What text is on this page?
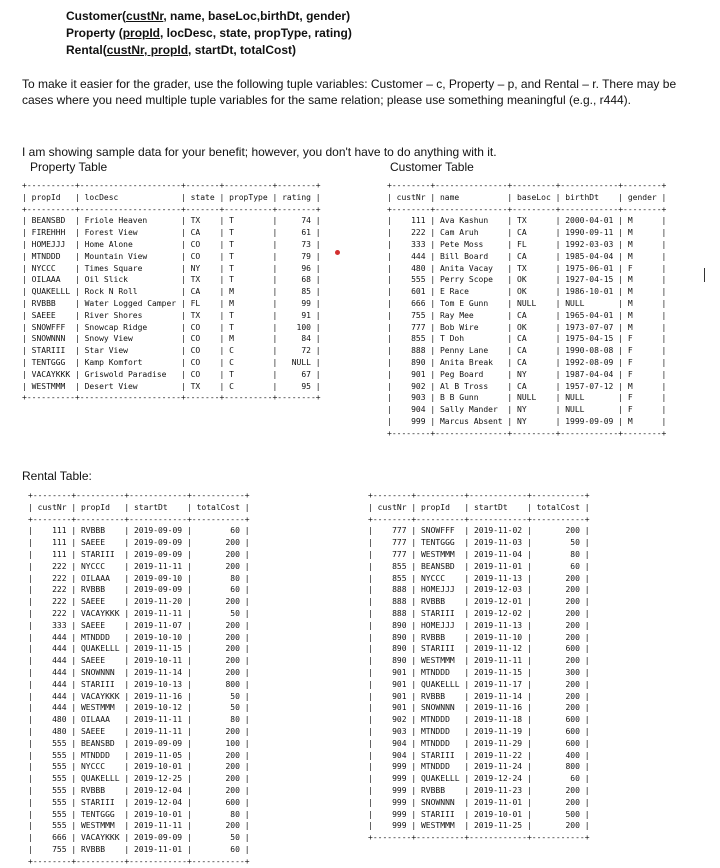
Customer(custNr, name, baseLoc,birthDt, gender)
Property (propId, locDesc, state, propType, rating)
Rental(custNr, propId, startDt, totalCost)
To make it easier for the grader, use the following tuple variables: Customer – c, Property – p, and Rental – r. There may be cases where you need multiple tuple variables for the same relation; please use something meaningful (e.g., r444).
I am showing sample data for your benefit; however, you don't have to do anything with it.
Property Table	Customer Table
+----------+---------------------+-------+----------+--------+
| propId   | locDesc             | state | propType | rating |
+----------+---------------------+-------+----------+--------+
| BEANSBD  | Friole Heaven       | TX    | T        |     74 |
| FIREHHH  | Forest View         | CA    | T        |     61 |
| HOMEJJJ  | Home Alone          | CO    | T        |     73 |
| MTNDDD   | Mountain View       | CO    | T        |     79 |
| NYCCC    | Times Square        | NY    | T        |     96 |
| OILAAA   | Oil Slick           | TX    | T        |     68 |
| QUAKELLL | Rock N Roll         | CA    | M        |     85 |
| RVBBB    | Water Logged Camper | FL    | M        |     99 |
| SAEEE    | River Shores        | TX    | T        |     91 |
| SNOWFFF  | Snowcap Ridge       | CO    | T        |    100 |
| SNOWNNN  | Snowy View          | CO    | M        |     84 |
| STARIII  | Star View           | CO    | C        |     72 |
| TENTGGG  | Kamp Komfort        | CO    | C        |   NULL |
| VACAYKKK | Griswold Paradise   | CO    | T        |     67 |
| WESTMMM  | Desert View         | TX    | C        |     95 |
+----------+---------------------+-------+----------+--------+
+--------+---------------+---------+------------+--------+
| custNr | name          | baseLoc | birthDt    | gender |
+--------+---------------+---------+------------+--------+
|    111 | Ava Kashun    | TX      | 2000-04-01 | M      |
|    222 | Cam Aruh      | CA      | 1990-09-11 | M      |
|    333 | Pete Moss     | FL      | 1992-03-03 | M      |
|    444 | Bill Board    | CA      | 1985-04-04 | M      |
|    480 | Anita Vacay   | TX      | 1975-06-01 | F      |
|    555 | Perry Scope   | OK      | 1927-04-15 | M      |
|    601 | E Race        | OK      | 1986-10-01 | M      |
|    666 | Tom E Gunn    | NULL    | NULL       | M      |
|    755 | Ray Mee       | CA      | 1965-04-01 | M      |
|    777 | Bob Wire      | OK      | 1973-07-07 | M      |
|    855 | T Doh         | CA      | 1975-04-15 | F      |
|    888 | Penny Lane    | CA      | 1990-08-08 | F      |
|    890 | Anita Break   | CA      | 1992-08-09 | F      |
|    901 | Peg Board     | NY      | 1987-04-04 | F      |
|    902 | Al B Tross    | CA      | 1957-07-12 | M      |
|    903 | B B Gunn      | NULL    | NULL       | F      |
|    904 | Sally Mander  | NY      | NULL       | F      |
|    999 | Marcus Absent | NY      | 1999-09-09 | M      |
+--------+---------------+---------+------------+--------+
Rental Table:
+--------+----------+------------+-----------+
| custNr | propId   | startDt    | totalCost |
+--------+----------+------------+-----------+
|    111 | RVBBB    | 2019-09-09 |        60 |
|    111 | SAEEE    | 2019-09-09 |       200 |
|    111 | STARIII  | 2019-09-09 |       200 |
|    222 | NYCCC    | 2019-11-11 |       200 |
|    222 | OILAAA   | 2019-09-10 |        80 |
|    222 | RVBBB    | 2019-09-09 |        60 |
|    222 | SAEEE    | 2019-11-20 |       200 |
|    222 | VACAYKKK | 2019-11-11 |        50 |
|    333 | SAEEE    | 2019-11-07 |       200 |
|    444 | MTNDDD   | 2019-10-10 |       200 |
|    444 | QUAKELLL | 2019-11-15 |       200 |
|    444 | SAEEE    | 2019-10-11 |       200 |
|    444 | SNOWNNN  | 2019-11-14 |       200 |
|    444 | STARIII  | 2019-10-13 |       800 |
|    444 | VACAYKKK | 2019-11-16 |        50 |
|    444 | WESTMMM  | 2019-10-12 |        50 |
|    480 | OILAAA   | 2019-11-11 |        80 |
|    480 | SAEEE    | 2019-11-11 |       200 |
|    555 | BEANSBD  | 2019-09-09 |       100 |
|    555 | MTNDDD   | 2019-11-05 |       200 |
|    555 | NYCCC    | 2019-10-01 |       200 |
|    555 | QUAKELLL | 2019-12-25 |       200 |
|    555 | RVBBB    | 2019-12-04 |       200 |
|    555 | STARIII  | 2019-12-04 |       600 |
|    555 | TENTGGG  | 2019-10-01 |        80 |
|    555 | WESTMMM  | 2019-11-11 |       200 |
|    666 | VACAYKKK | 2019-09-09 |        50 |
|    755 | RVBBB    | 2019-11-01 |        60 |
+--------+----------+------------+-----------+
+--------+----------+------------+-----------+
| custNr | propId   | startDt    | totalCost |
+--------+----------+------------+-----------+
|    777 | SNOWFFF  | 2019-11-02 |       200 |
|    777 | TENTGGG  | 2019-11-03 |        50 |
|    777 | WESTMMM  | 2019-11-04 |        80 |
|    855 | BEANSBD  | 2019-11-01 |        60 |
|    855 | NYCCC    | 2019-11-13 |       200 |
|    888 | HOMEJJJ  | 2019-12-03 |       200 |
|    888 | RVBBB    | 2019-12-01 |       200 |
|    888 | STARIII  | 2019-12-02 |       200 |
|    890 | HOMEJJJ  | 2019-11-13 |       200 |
|    890 | RVBBB    | 2019-11-10 |       200 |
|    890 | STARIII  | 2019-11-12 |       600 |
|    890 | WESTMMM  | 2019-11-11 |       200 |
|    901 | MTNDDD   | 2019-11-15 |       300 |
|    901 | QUAKELLL | 2019-11-17 |       200 |
|    901 | RVBBB    | 2019-11-14 |       200 |
|    901 | SNOWNNN  | 2019-11-16 |       200 |
|    902 | MTNDDD   | 2019-11-18 |       600 |
|    903 | MTNDDD   | 2019-11-19 |       600 |
|    904 | MTNDDD   | 2019-11-29 |       600 |
|    904 | STARIII  | 2019-11-22 |       400 |
|    999 | MTNDDD   | 2019-11-24 |       800 |
|    999 | QUAKELLL | 2019-12-24 |        60 |
|    999 | RVBBB    | 2019-11-23 |       200 |
|    999 | SNOWNNN  | 2019-11-01 |       200 |
|    999 | STARIII  | 2019-10-01 |       500 |
|    999 | WESTMMM  | 2019-11-25 |       200 |
+--------+----------+------------+-----------+
